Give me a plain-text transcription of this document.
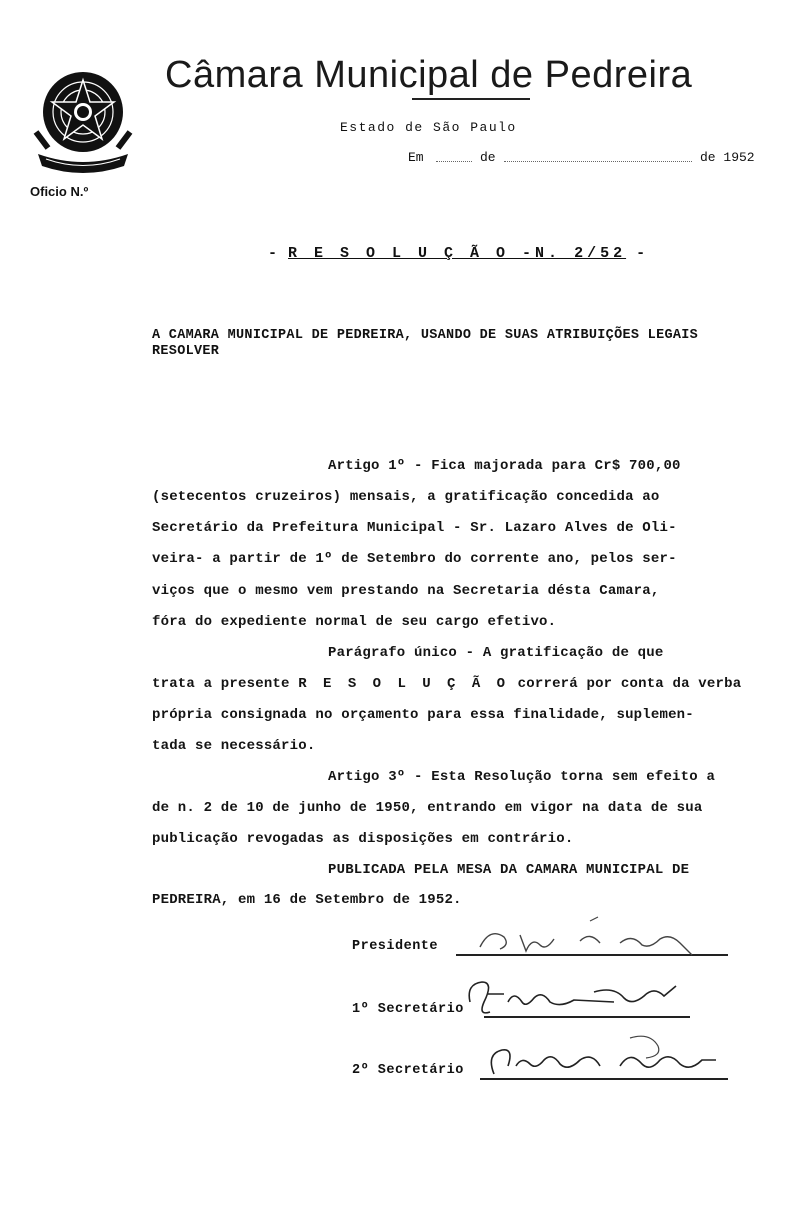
Oficio N.º
Câmara Municipal de Pedreira
Estado de São Paulo
Em	de	de 1952
- R E S O L U Ç Ã O -N. 2/52 -
A CAMARA MUNICIPAL DE PEDREIRA, USANDO DE SUAS ATRIBUIÇÕES LEGAIS RESOLVER
Artigo 1º - Fica majorada para Cr$ 700,00
(setecentos cruzeiros) mensais, a gratificação concedida ao
Secretário da Prefeitura Municipal - Sr. Lazaro Alves de Oli-
veira- a partir de 1º de Setembro do corrente ano, pelos ser-
viços que o mesmo vem prestando na Secretaria désta Camara,
fóra do expediente normal de seu cargo efetivo.
Parágrafo único - A gratificação de que
trata a presente R E S O L U Ç Ã O correrá por conta da verba
própria consignada no orçamento para essa finalidade, suplemen-
tada se necessário.
Artigo 3º - Esta Resolução torna sem efeito a
de n. 2 de 10 de junho de 1950, entrando em vigor na data de sua
publicação revogadas as disposições em contrário.
PUBLICADA PELA MESA DA CAMARA MUNICIPAL DE
PEDREIRA, em 16 de Setembro de 1952.
Presidente
1º Secretário
2º Secretário
